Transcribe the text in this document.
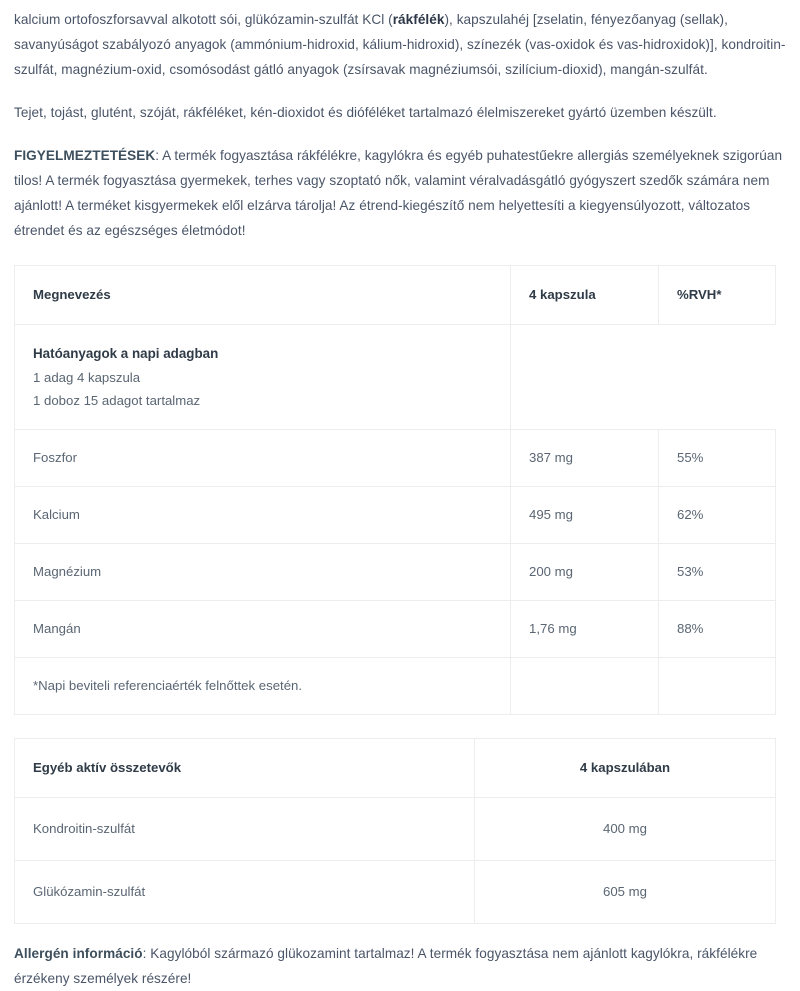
kalcium ortofoszforsavval alkotott sói, glükózamin-szulfát KCl (rákfélék), kapszulahéj [zselatin, fényezőanyag (sellak), savanyúságot szabályozó anyagok (ammónium-hidroxid, kálium-hidroxid), színezék (vas-oxidok és vas-hidroxidok)], kondroitin-szulfát, magnézium-oxid, csomósodást gátló anyagok (zsírsavak magnéziumsói, szilícium-dioxid), mangán-szulfát.

Tejet, tojást, glutént, szóját, rákféléket, kén-dioxidot és dióféléket tartalmazó élelmiszereket gyártó üzemben készült.

FIGYELMEZTETÉSEK: A termék fogyasztása rákfélékre, kagylókra és egyéb puhatestűekre allergiás személyeknek szigorúan tilos! A termék fogyasztása gyermekek, terhes vagy szoptató nők, valamint véralvadásgátló gyógyszert szedők számára nem ajánlott! A terméket kisgyermekek elől elzárva tárolja! Az étrend-kiegészítő nem helyettesíti a kiegyensúlyozott, változatos étrendet és az egészséges életmódot!

Hatóanyagok a napi adagban
1 adag 4 kapszula
1 doboz 15 adagot tartalmaz		

Megnevezés	4 kapszula	%RVH*
Foszfor	387 mg	55%
Kalcium	495 mg	62%
Magnézium	200 mg	53%
Mangán	1,76 mg	88%
*Napi beviteli referenciaérték felnőttek esetén.		
Egyéb aktív összetevők	4 kapszulában
Kondroitin-szulfát	400 mg
Glükózamin-szulfát	605 mg

Allergén információ: Kagylóból származó glükozamint tartalmaz! A termék fogyasztása nem ajánlott kagylókra, rákfélékre érzékeny személyek részére!
